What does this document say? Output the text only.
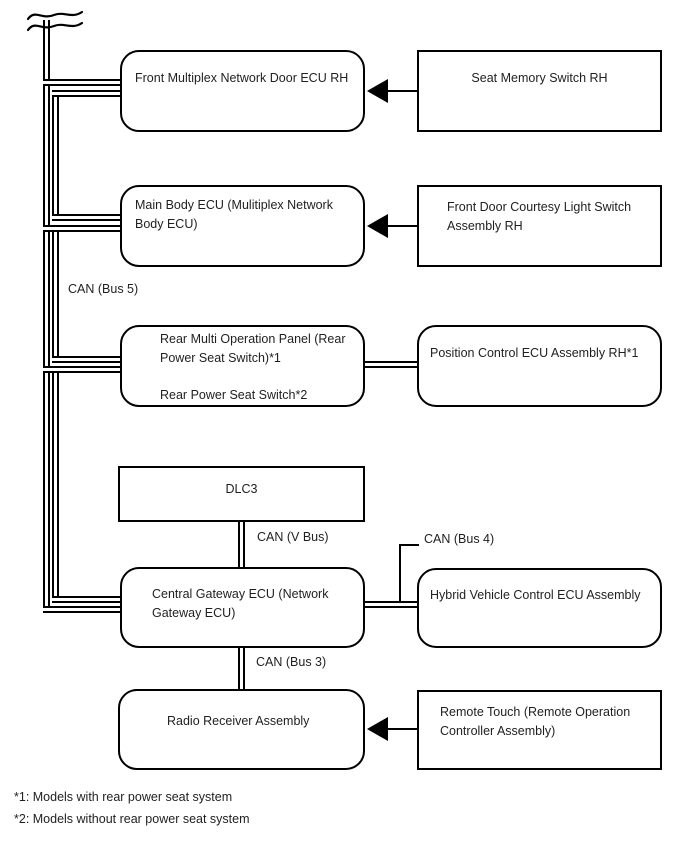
Front Multiplex Network Door ECU RH	Seat Memory Switch RH
Main Body ECU (Mulitiplex Network
Body ECU)
Front Door Courtesy Light Switch
Assembly RH
Rear Multi Operation Panel (Rear
Power Seat Switch)*1
Rear Power Seat Switch*2
Position Control ECU Assembly RH*1
DLC3
Central Gateway ECU (Network
Gateway ECU)
Hybrid Vehicle Control ECU Assembly
Radio Receiver Assembly
Remote Touch (Remote Operation
Controller Assembly)
CAN (Bus 5)
CAN (V Bus)	CAN (Bus 4)
CAN (Bus 3)
*1: Models with rear power seat system
*2: Models without rear power seat system
